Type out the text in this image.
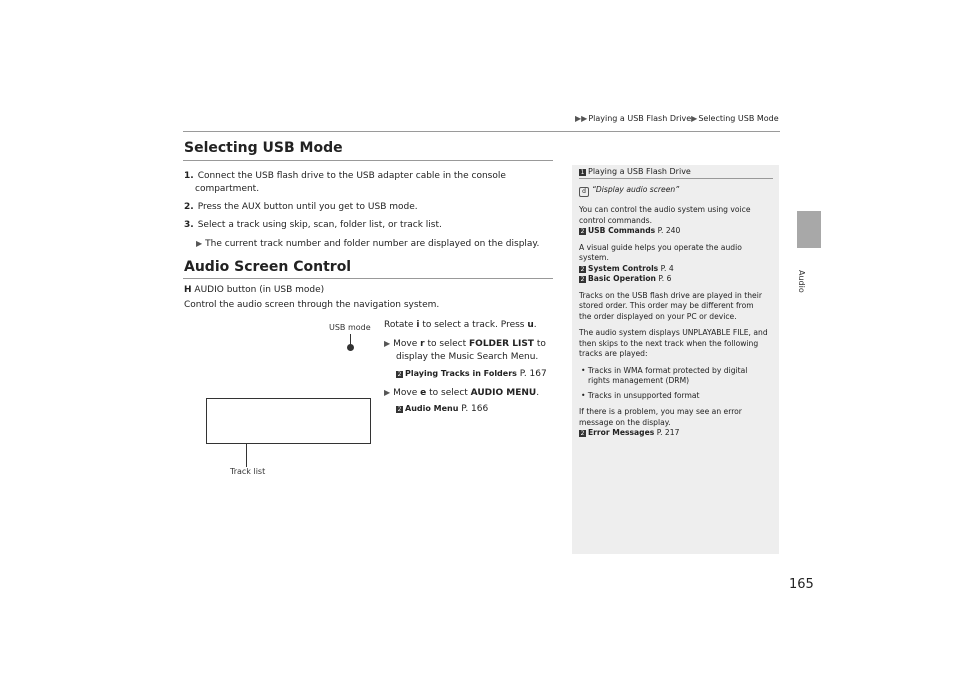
▶▶Playing a USB Flash Drive▶Selecting USB Mode
Audio
Selecting USB Mode
1. Connect the USB flash drive to the USB adapter cable in the console
compartment.
2. Press the AUX button until you get to USB mode.
3. Select a track using skip, scan, folder list, or track list.
▶ The current track number and folder number are displayed on the display.
Audio Screen Control
H AUDIO button (in USB mode)
Control the audio screen through the navigation system.
Rotate i to select a track. Press u.
▶ Move r to select FOLDER LIST to
display the Music Search Menu.
2 Playing Tracks in Folders P. 167
▶ Move e to select AUDIO MENU.
2 Audio Menu P. 166
USB mode
Track list
1 Playing a USB Flash Drive
d “Display audio screen”
You can control the audio system using voice
control commands.
2 USB Commands P. 240
A visual guide helps you operate the audio
system.
2 System Controls P. 4
2 Basic Operation P. 6
Tracks on the USB flash drive are played in their
stored order. This order may be different from
the order displayed on your PC or device.
The audio system displays UNPLAYABLE FILE, and
then skips to the next track when the following
tracks are played:
• Tracks in WMA format protected by digital
rights management (DRM)
• Tracks in unsupported format
If there is a problem, you may see an error
message on the display.
2 Error Messages P. 217
165
